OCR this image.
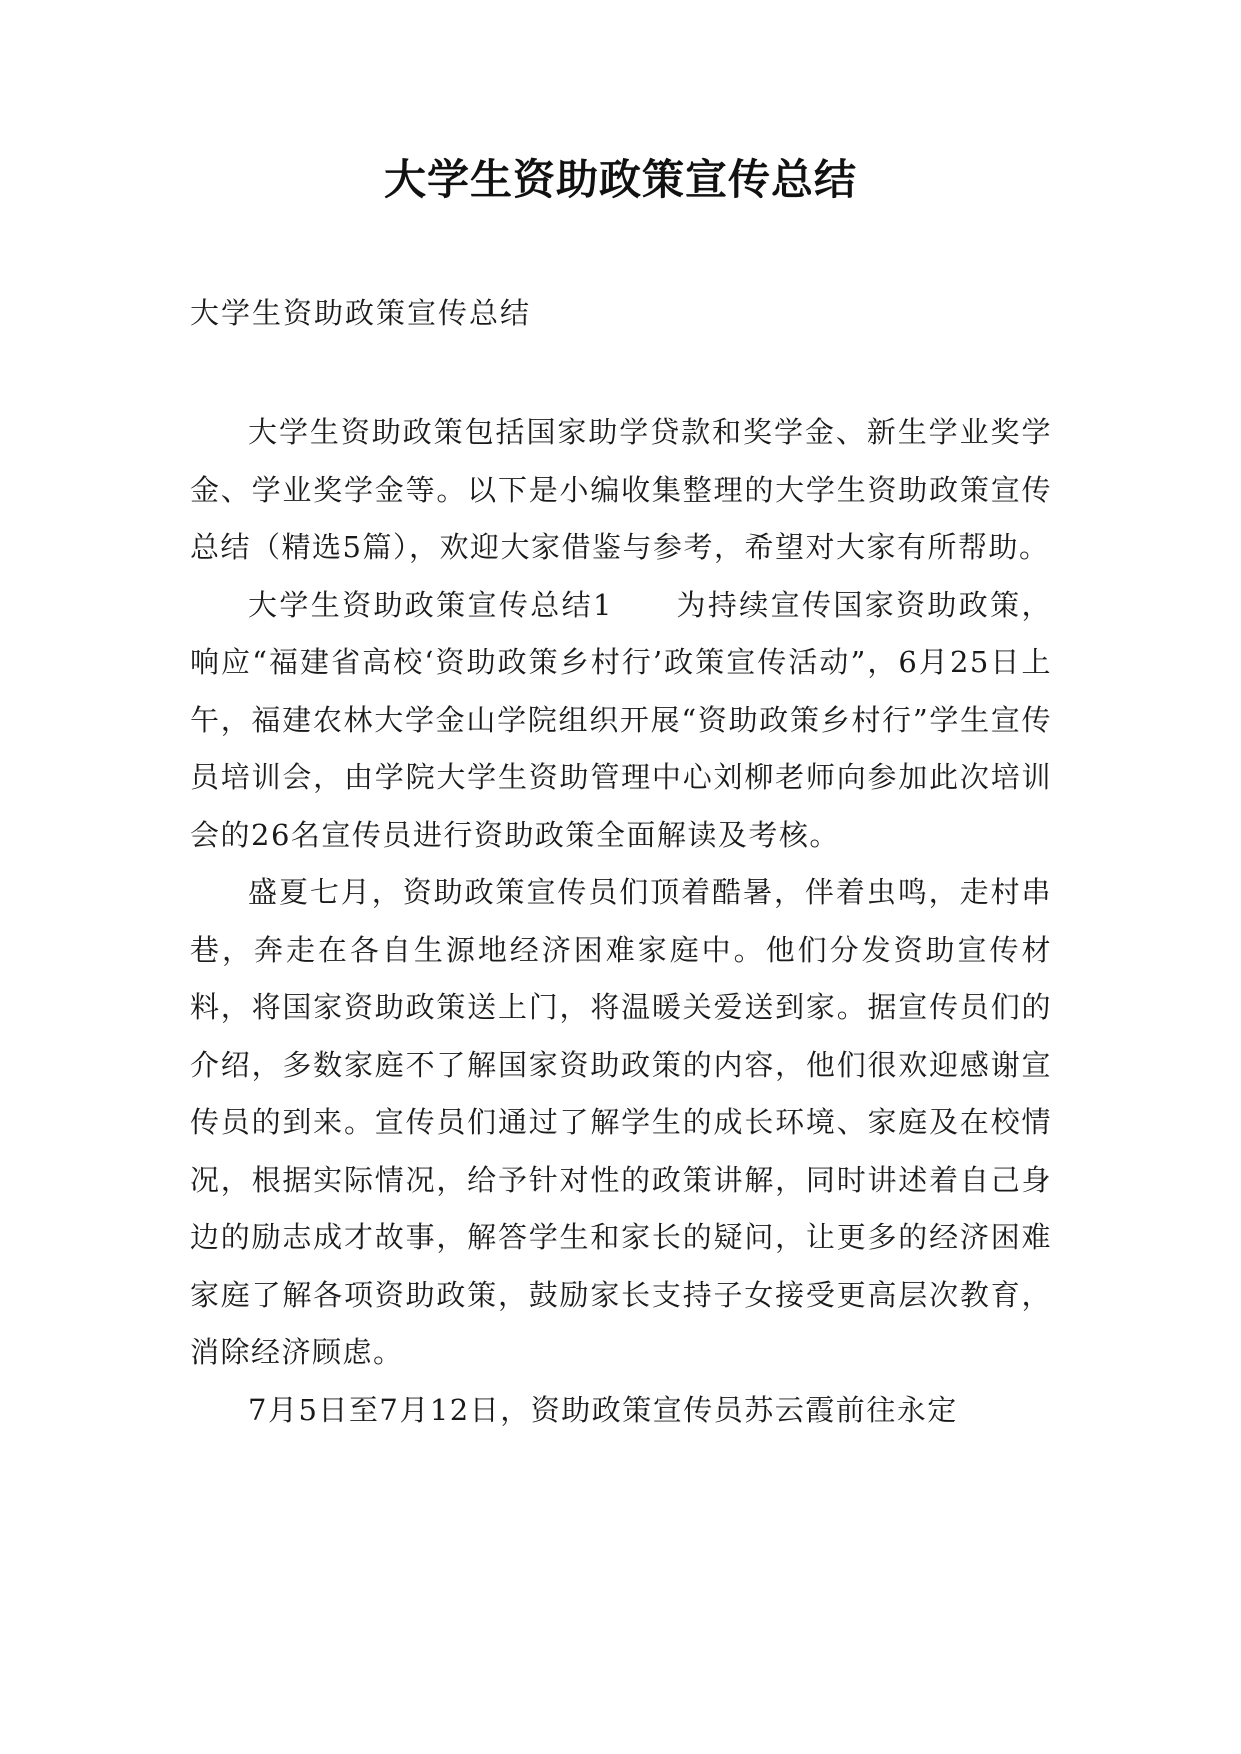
大学生资助政策宣传总结
大学生资助政策宣传总结

大学生资助政策包括国家助学贷款和奖学金、新生学业奖学金、学业奖学金等。以下是小编收集整理的大学生资助政策宣传总结（精选5篇），欢迎大家借鉴与参考，希望对大家有所帮助。

大学生资助政策宣传总结1　　为持续宣传国家资助政策，响应“福建省高校‘资助政策乡村行’政策宣传活动”，6月25日上午，福建农林大学金山学院组织开展“资助政策乡村行”学生宣传员培训会，由学院大学生资助管理中心刘柳老师向参加此次培训会的26名宣传员进行资助政策全面解读及考核。

盛夏七月，资助政策宣传员们顶着酷暑，伴着虫鸣，走村串巷，奔走在各自生源地经济困难家庭中。他们分发资助宣传材料，将国家资助政策送上门，将温暖关爱送到家。据宣传员们的介绍，多数家庭不了解国家资助政策的内容，他们很欢迎感谢宣传员的到来。宣传员们通过了解学生的成长环境、家庭及在校情况，根据实际情况，给予针对性的政策讲解，同时讲述着自己身边的励志成才故事，解答学生和家长的疑问，让更多的经济困难家庭了解各项资助政策，鼓励家长支持子女接受更高层次教育，消除经济顾虑。

7月5日至7月12日，资助政策宣传员苏云霞前往永定
